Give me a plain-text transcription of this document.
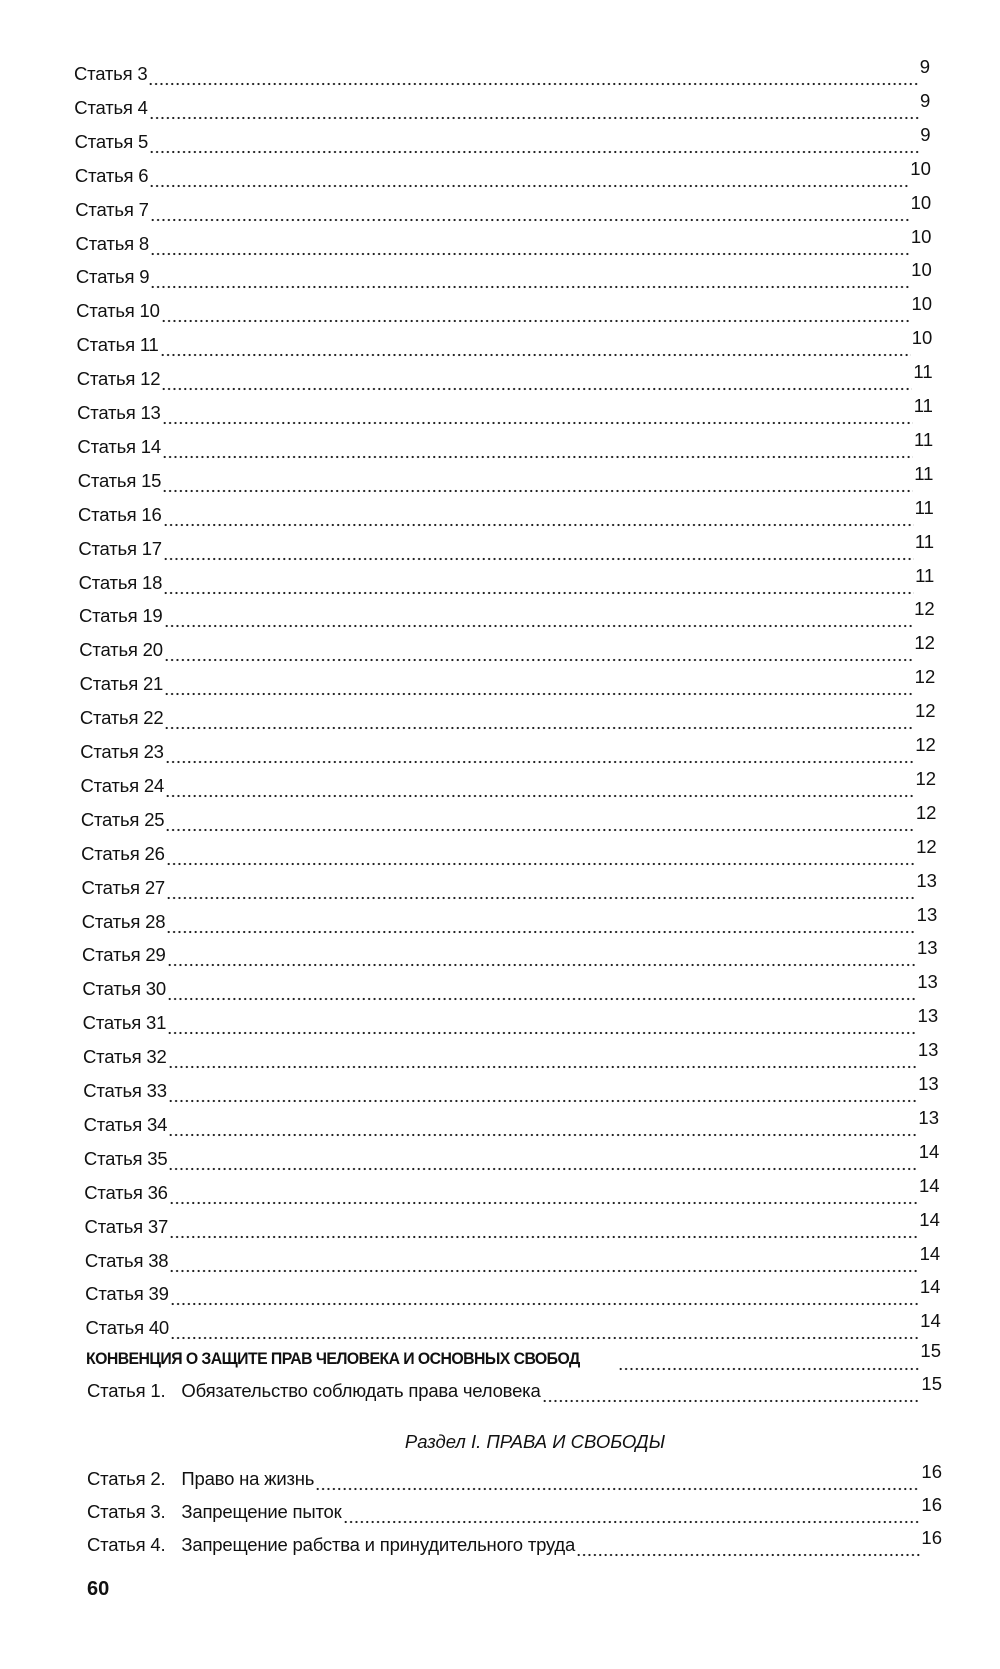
Статья 3	9
Статья 4	9
Статья 5	9
Статья 6	10
Статья 7	10
Статья 8	10
Статья 9	10
Статья 10	10
Статья 11	10
Статья 12	11
Статья 13	11
Статья 14	11
Статья 15	11
Статья 16	11
Статья 17	11
Статья 18	11
Статья 19	12
Статья 20	12
Статья 21	12
Статья 22	12
Статья 23	12
Статья 24	12
Статья 25	12
Статья 26	12
Статья 27	13
Статья 28	13
Статья 29	13
Статья 30	13
Статья 31	13
Статья 32	13
Статья 33	13
Статья 34	13
Статья 35	14
Статья 36	14
Статья 37	14
Статья 38	14
Статья 39	14
Статья 40	14
КОНВЕНЦИЯ О ЗАЩИТЕ ПРАВ ЧЕЛОВЕКА И ОСНОВНЫХ СВОБОД	15
Статья 1. Обязательство соблюдать права человека	15
Раздел I. ПРАВА И СВОБОДЫ
Статья 2. Право на жизнь	16
Статья 3. Запрещение пыток	16
Статья 4. Запрещение рабства и принудительного труда	16
60
